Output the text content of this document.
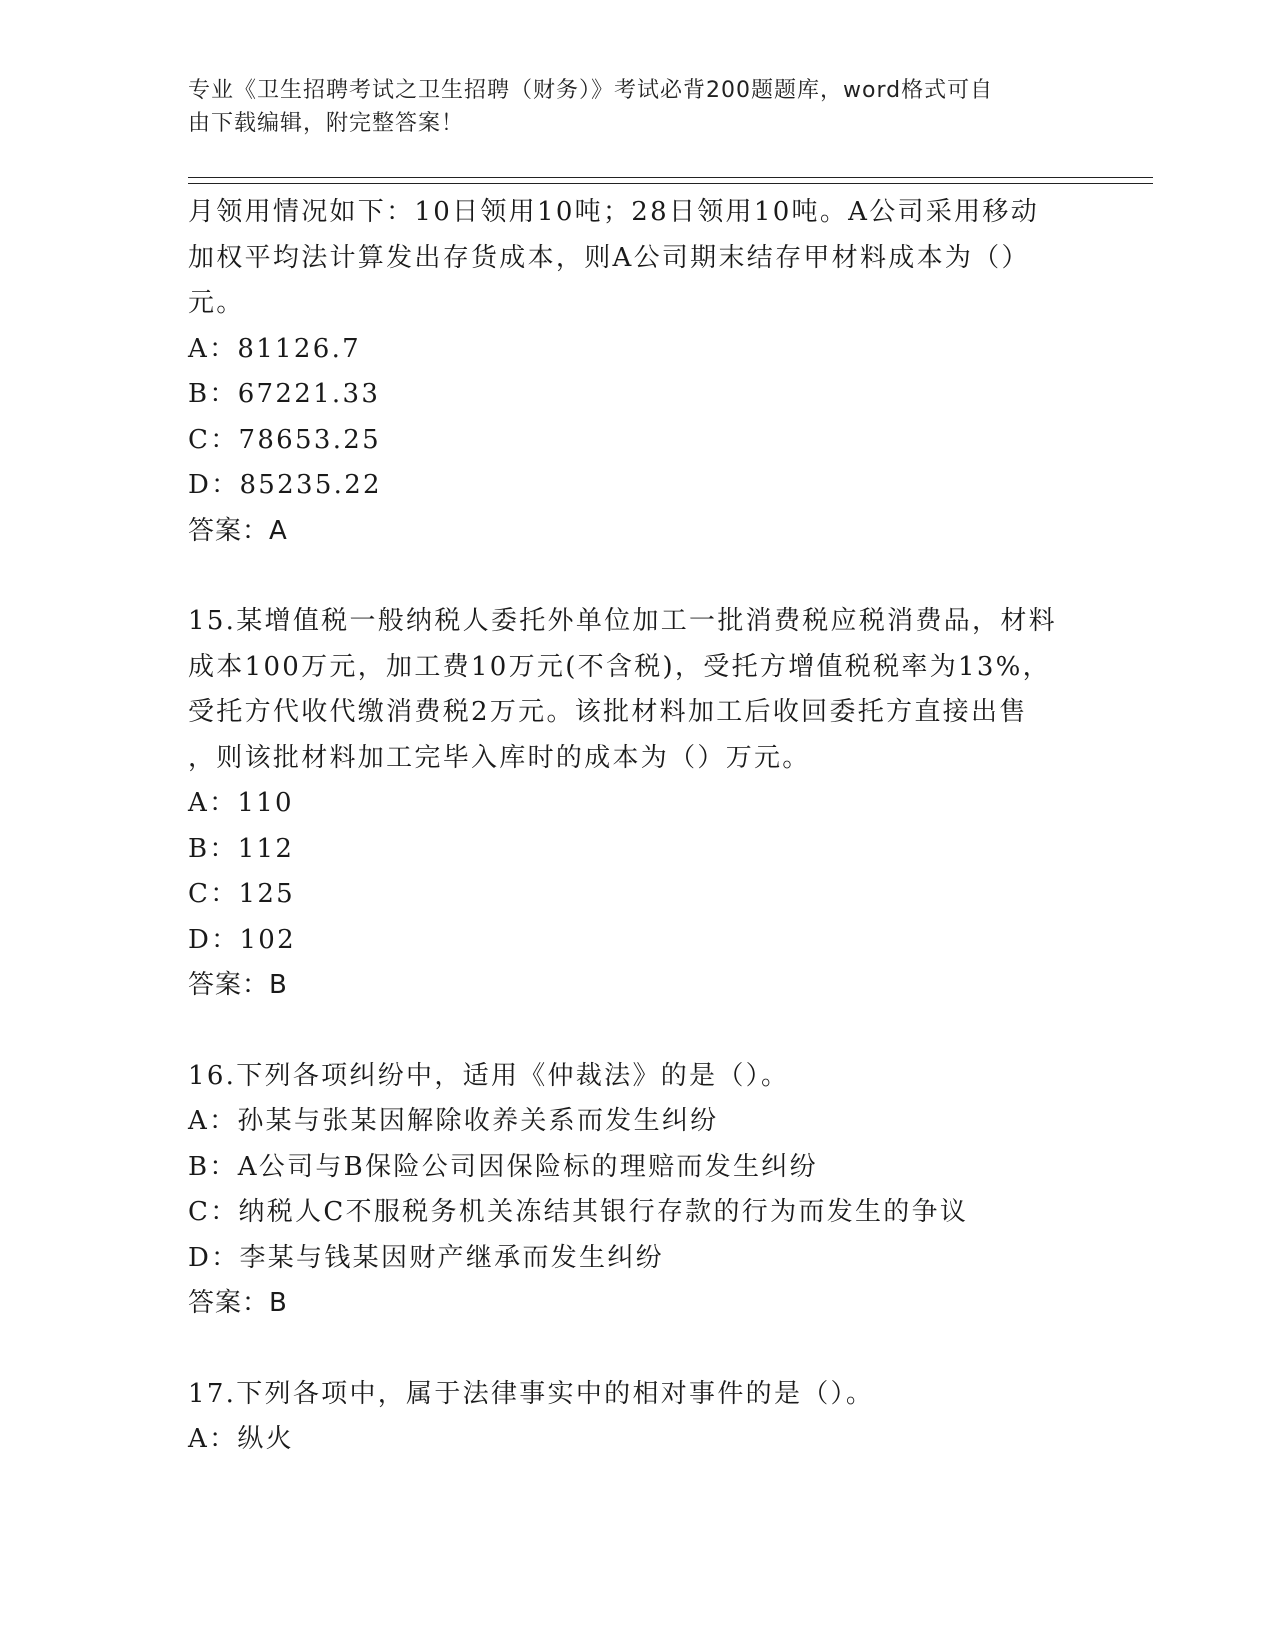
专业《卫生招聘考试之卫生招聘（财务）》考试必背200题题库，word格式可自
由下载编辑，附完整答案！

月领用情况如下：10日领用10吨；28日领用10吨。A公司采用移动

加权平均法计算发出存货成本，则A公司期末结存甲材料成本为（）

元。

A：81126.7

B：67221.33

C：78653.25

D：85235.22

答案：A

15.某增值税一般纳税人委托外单位加工一批消费税应税消费品，材料

成本100万元，加工费10万元(不含税)，受托方增值税税率为13%，

受托方代收代缴消费税2万元。该批材料加工后收回委托方直接出售

，则该批材料加工完毕入库时的成本为（）万元。

A：110

B：112

C：125

D：102

答案：B

16.下列各项纠纷中，适用《仲裁法》的是（）。

A：孙某与张某因解除收养关系而发生纠纷

B：A公司与B保险公司因保险标的理赔而发生纠纷

C：纳税人C不服税务机关冻结其银行存款的行为而发生的争议

D：李某与钱某因财产继承而发生纠纷

答案：B

17.下列各项中，属于法律事实中的相对事件的是（）。

A：纵火
